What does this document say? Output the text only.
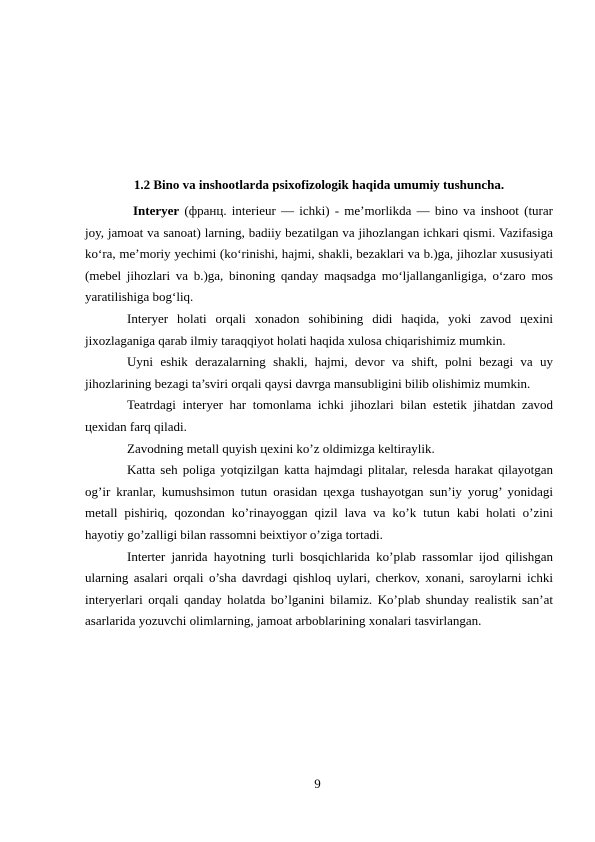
1.2 Bino va inshootlarda psixofizologik haqida umumiy tushuncha.

Interyer (франц. interieur — ichki) - meʼmorlikda — bino va inshoot (turar joy, jamoat va sanoat) larning, badiiy bezatilgan va jihozlangan ichkari qismi. Vazifasiga koʻra, meʼmoriy yechimi (koʻrinishi, hajmi, shakli, bezaklari va b.)ga, jihozlar xususiyati (mebel jihozlari va b.)ga, binoning qanday maqsadga moʻljallanganligiga, oʻzaro mos yaratilishiga bogʻliq.

Interyer holati orqali xonadon sohibining didi haqida, yoki zavod цexini jixozlaganiga qarab ilmiy taraqqiyot holati haqida xulosa chiqarishimiz mumkin.

Uyni eshik derazalarning shakli, hajmi, devor va shift, polni bezagi va uy jihozlarining bezagi ta’sviri orqali qaysi davrga mansubligini bilib olishimiz mumkin.

Teatrdagi interyer har tomonlama ichki jihozlari bilan estetik jihatdan zavod цexidan farq qiladi.

Zavodning metall quyish цexini ko’z oldimizga keltiraylik.

Katta seh poliga yotqizilgan katta hajmdagi plitalar, relesda harakat qilayotgan og’ir kranlar, kumushsimon tutun orasidan цexga tushayotgan sun’iy yorug’ yonidagi metall pishiriq, qozondan ko’rinayoggan qizil lava va ko’k tutun kabi holati o’zini hayotiy go’zalligi bilan rassomni beixtiyor o’ziga tortadi.

Interter janrida hayotning turli bosqichlarida ko’plab rassomlar ijod qilishgan ularning asalari orqali o’sha davrdagi qishloq uylari, cherkov, xonani, saroylarni ichki interyerlari orqali qanday holatda bo’lganini bilamiz. Ko’plab shunday realistik san’at asarlarida yozuvchi olimlarning, jamoat arboblarining xonalari tasvirlangan.

9
